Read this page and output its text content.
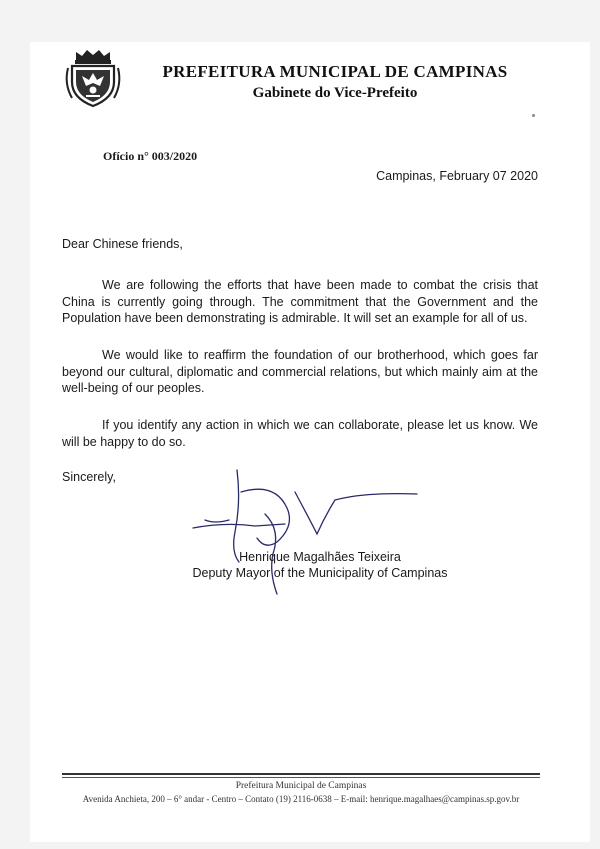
PREFEITURA MUNICIPAL DE CAMPINAS
Gabinete do Vice-Prefeito
Ofício n° 003/2020
Campinas, February 07 2020
Dear Chinese friends,

We are following the efforts that have been made to combat the crisis that China is currently going through. The commitment that the Government and the Population have been demonstrating is admirable. It will set an example for all of us.

We would like to reaffirm the foundation of our brotherhood, which goes far beyond our cultural, diplomatic and commercial relations, but which mainly aim at the well-being of our peoples.

If you identify any action in which we can collaborate, please let us know. We will be happy to do so.

Sincerely,
Henrique Magalhães Teixeira
Deputy Mayor of the Municipality of Campinas
Prefeitura Municipal de Campinas
Avenida Anchieta, 200 – 6° andar - Centro – Contato (19) 2116-0638 – E-mail: henrique.magalhaes@campinas.sp.gov.br
